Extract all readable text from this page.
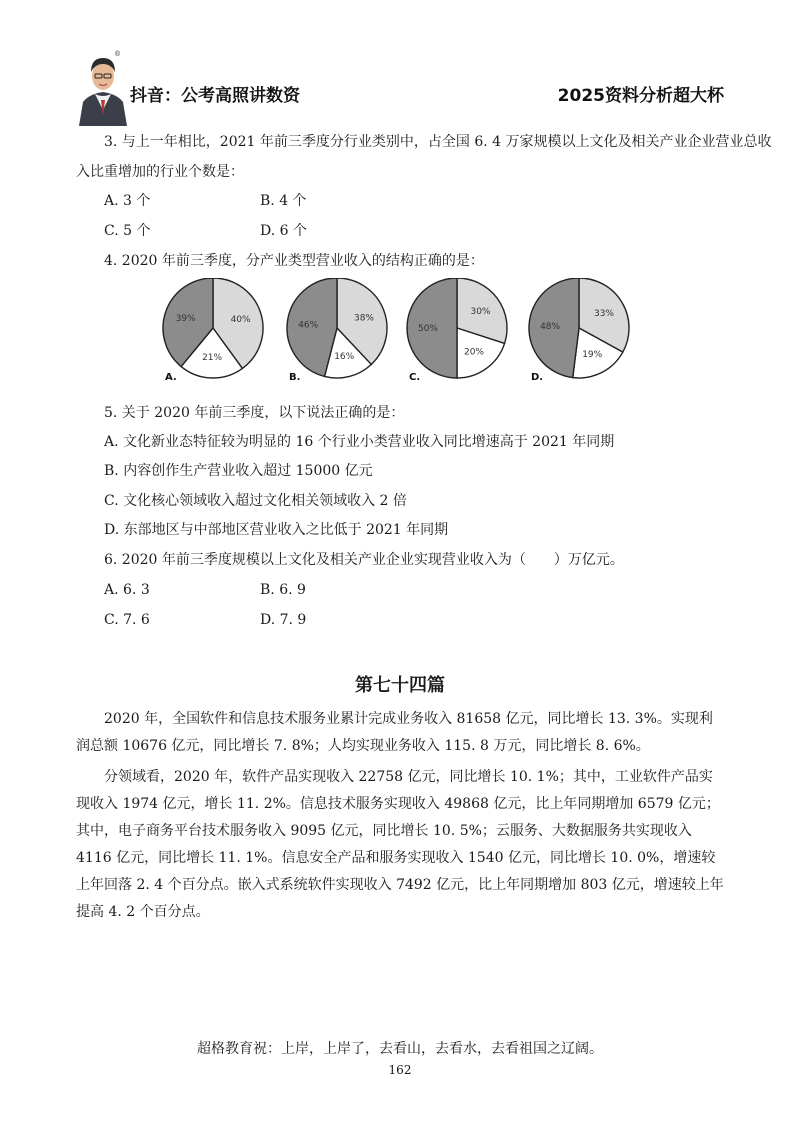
®
抖音：公考高照讲数资	2025资料分析超大杯
3. 与上一年相比，2021 年前三季度分行业类别中，占全国 6. 4 万家规模以上文化及相关产业企业营业总收
入比重增加的行业个数是：
A. 3 个	B. 4 个
C. 5 个	D. 6 个
4. 2020 年前三季度，分产业类型营业收入的结构正确的是：
40%
21%
39%
A.
38%
16%
46%
B.
30%
20%
50%
C.
33%
19%
48%
D.
5. 关于 2020 年前三季度，以下说法正确的是：
A. 文化新业态特征较为明显的 16 个行业小类营业收入同比增速高于 2021 年同期
B. 内容创作生产营业收入超过 15000 亿元
C. 文化核心领域收入超过文化相关领域收入 2 倍
D. 东部地区与中部地区营业收入之比低于 2021 年同期
6. 2020 年前三季度规模以上文化及相关产业企业实现营业收入为（　　）万亿元。
A. 6. 3	B. 6. 9
C. 7. 6	D. 7. 9
第七十四篇
2020 年，全国软件和信息技术服务业累计完成业务收入 81658 亿元，同比增长 13. 3%。实现利润总额 10676 亿元，同比增长 7. 8%；人均实现业务收入 115. 8 万元，同比增长 8. 6%。
分领域看，2020 年，软件产品实现收入 22758 亿元，同比增长 10. 1%；其中，工业软件产品实现收入 1974 亿元，增长 11. 2%。信息技术服务实现收入 49868 亿元，比上年同期增加 6579 亿元；其中，电子商务平台技术服务收入 9095 亿元，同比增长 10. 5%；云服务、大数据服务共实现收入 4116 亿元，同比增长 11. 1%。信息安全产品和服务实现收入 1540 亿元，同比增长 10. 0%，增速较上年回落 2. 4 个百分点。嵌入式系统软件实现收入 7492 亿元，比上年同期增加 803 亿元，增速较上年提高 4. 2 个百分点。
超格教育祝：上岸，上岸了，去看山，去看水，去看祖国之辽阔。
162
